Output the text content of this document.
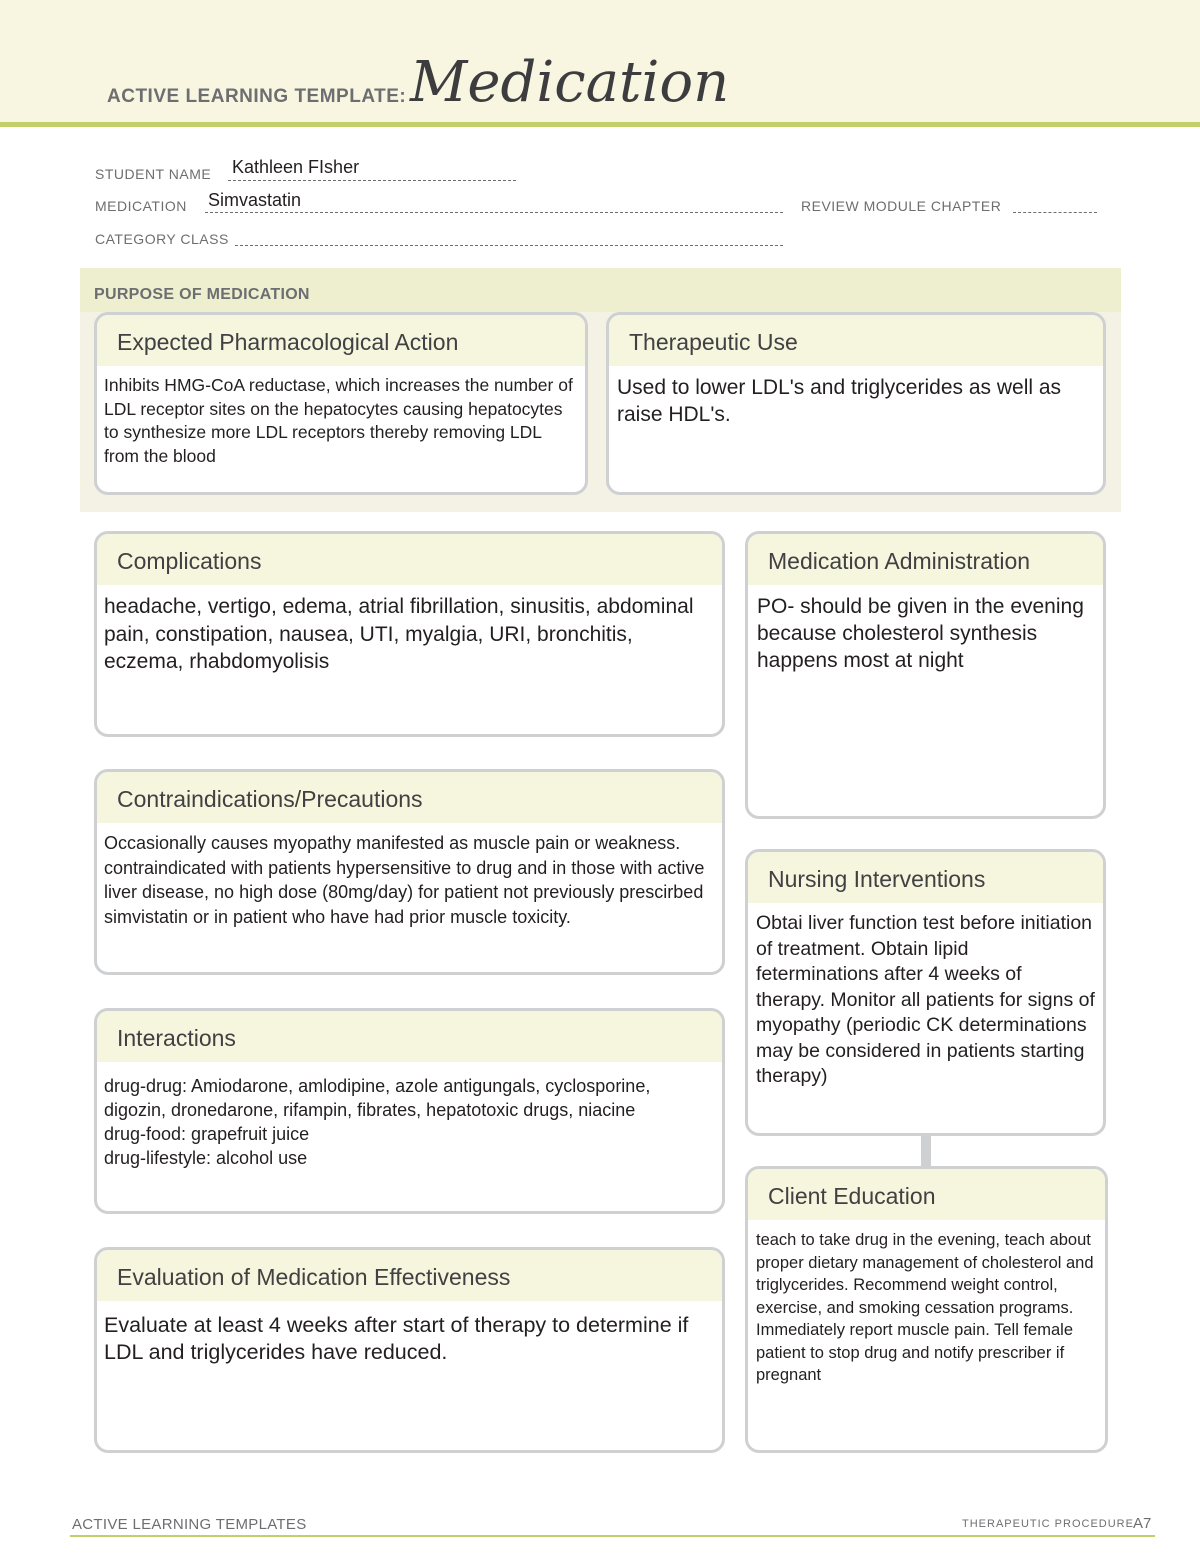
ACTIVE LEARNING TEMPLATE: Medication
STUDENT NAME Kathleen FIsher
MEDICATION Simvastatin	REVIEW MODULE CHAPTER
CATEGORY CLASS
PURPOSE OF MEDICATION
Expected Pharmacological Action
Inhibits HMG-CoA reductase, which increases the number of LDL receptor sites on the hepatocytes causing hepatocytes to synthesize more LDL receptors thereby removing LDL from the blood
Therapeutic Use
Used to lower LDL's and triglycerides as well as raise HDL's.
Complications
headache, vertigo, edema, atrial fibrillation, sinusitis, abdominal pain, constipation, nausea, UTI, myalgia, URI, bronchitis, eczema, rhabdomyolisis
Contraindications/Precautions
Occasionally causes myopathy manifested as muscle pain or weakness. contraindicated with patients hypersensitive to drug and in those with active liver disease, no high dose (80mg/day) for patient not previously prescirbed simvistatin or in patient who have had prior muscle toxicity.
Interactions
drug-drug: Amiodarone, amlodipine, azole antigungals, cyclosporine, digozin, dronedarone, rifampin, fibrates, hepatotoxic drugs, niacine
drug-food: grapefruit juice
drug-lifestyle: alcohol use
Evaluation of Medication Effectiveness
Evaluate at least 4 weeks after start of therapy to determine if LDL and triglycerides have reduced.
Medication Administration
PO- should be given in the evening because cholesterol synthesis happens most at night
Nursing Interventions
Obtai liver function test before initiation of treatment. Obtain lipid feterminations after 4 weeks of therapy. Monitor all patients for signs of myopathy (periodic CK determinations may be considered in patients starting therapy)
Client Education
teach to take drug in the evening, teach about proper dietary management of cholesterol and triglycerides. Recommend weight control, exercise, and smoking cessation programs. Immediately report muscle pain. Tell female patient to stop drug and notify prescriber if pregnant
ACTIVE LEARNING TEMPLATES	THERAPEUTIC PROCEDURE A7
